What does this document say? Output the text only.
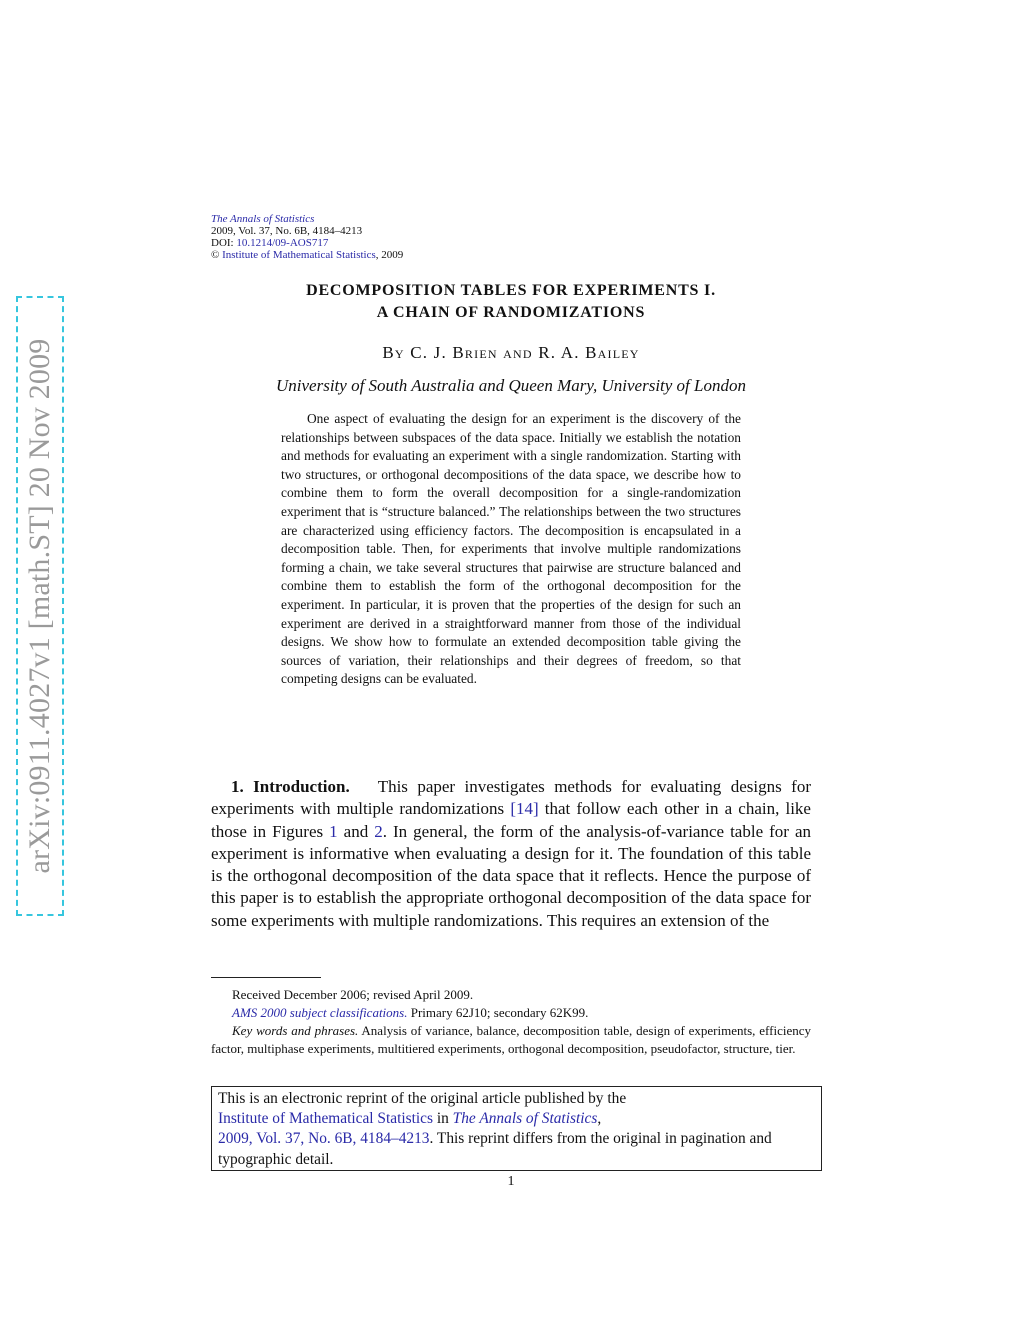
arXiv:0911.4027v1 [math.ST] 20 Nov 2009
The Annals of Statistics
2009, Vol. 37, No. 6B, 4184–4213
DOI: 10.1214/09-AOS717
© Institute of Mathematical Statistics, 2009
DECOMPOSITION TABLES FOR EXPERIMENTS I.
A CHAIN OF RANDOMIZATIONS
By C. J. Brien and R. A. Bailey
University of South Australia and Queen Mary, University of London
One aspect of evaluating the design for an experiment is the discovery of the relationships between subspaces of the data space. Initially we establish the notation and methods for evaluating an experiment with a single randomization. Starting with two structures, or orthogonal decompositions of the data space, we describe how to combine them to form the overall decomposition for a single-randomization experiment that is “structure balanced.” The relationships between the two structures are characterized using efficiency factors. The decomposition is encapsulated in a decomposition table. Then, for experiments that involve multiple randomizations forming a chain, we take several structures that pairwise are structure balanced and combine them to establish the form of the orthogonal decomposition for the experiment. In particular, it is proven that the properties of the design for such an experiment are derived in a straightforward manner from those of the individual designs. We show how to formulate an extended decomposition table giving the sources of variation, their relationships and their degrees of freedom, so that competing designs can be evaluated.
1. Introduction. This paper investigates methods for evaluating designs for experiments with multiple randomizations [14] that follow each other in a chain, like those in Figures 1 and 2. In general, the form of the analysis-of-variance table for an experiment is informative when evaluating a design for it. The foundation of this table is the orthogonal decomposition of the data space that it reflects. Hence the purpose of this paper is to establish the appropriate orthogonal decomposition of the data space for some experiments with multiple randomizations. This requires an extension of the

Received December 2006; revised April 2009.

AMS 2000 subject classifications. Primary 62J10; secondary 62K99.

Key words and phrases. Analysis of variance, balance, decomposition table, design of experiments, efficiency factor, multiphase experiments, multitiered experiments, orthogonal decomposition, pseudofactor, structure, tier.

This is an electronic reprint of the original article published by the
Institute of Mathematical Statistics in The Annals of Statistics,
2009, Vol. 37, No. 6B, 4184–4213. This reprint differs from the original in pagination and typographic detail.
1
